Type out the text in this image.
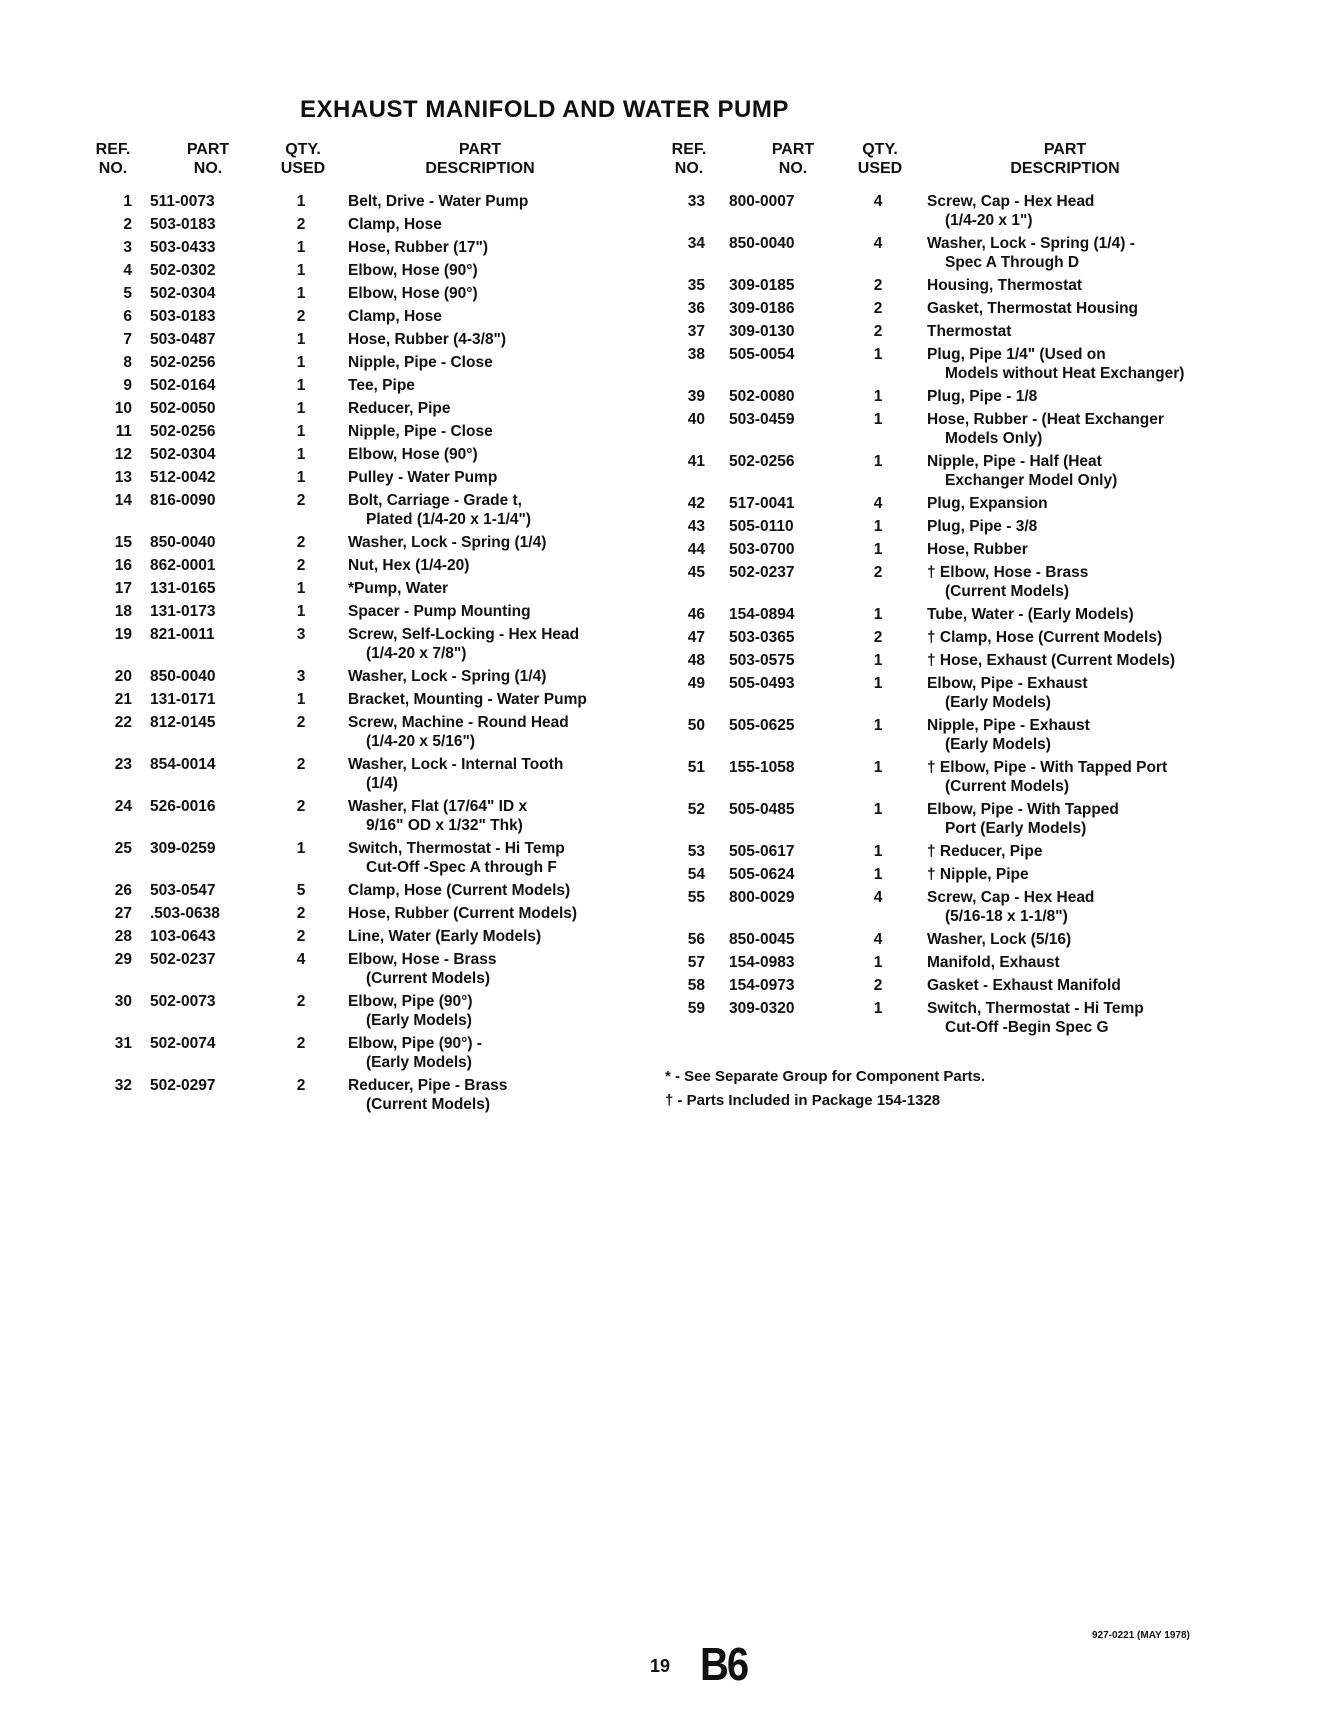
EXHAUST MANIFOLD AND WATER PUMP
REF.
NO.
PART
NO.
QTY.
USED
PART
DESCRIPTION
1 511-0073	1	Belt, Drive - Water Pump
2 503-0183	2	Clamp, Hose
3 503-0433	1	Hose, Rubber (17")
4 502-0302	1	Elbow, Hose (90°)
5 502-0304	1	Elbow, Hose (90°)
6 503-0183	2	Clamp, Hose
7 503-0487	1	Hose, Rubber (4-3/8")
8 502-0256	1	Nipple, Pipe - Close
9 502-0164	1	Tee, Pipe
10 502-0050	1	Reducer, Pipe
11 502-0256	1	Nipple, Pipe - Close
12 502-0304	1	Elbow, Hose (90°)
13 512-0042	1	Pulley - Water Pump
14 816-0090	2	Bolt, Carriage - Grade t,
Plated (1/4-20 x 1-1/4")
15 850-0040	2	Washer, Lock - Spring (1/4)
16 862-0001	2	Nut, Hex (1/4-20)
17 131-0165	1	*Pump, Water
18 131-0173	1	Spacer - Pump Mounting
19 821-0011	3	Screw, Self-Locking - Hex Head
(1/4-20 x 7/8")
20 850-0040	3	Washer, Lock - Spring (1/4)
21 131-0171	1	Bracket, Mounting - Water Pump
22 812-0145	2	Screw, Machine - Round Head
(1/4-20 x 5/16")
23 854-0014	2	Washer, Lock - Internal Tooth
(1/4)
24 526-0016	2	Washer, Flat (17/64" ID x
9/16" OD x 1/32" Thk)
25 309-0259	1	Switch, Thermostat - Hi Temp
Cut-Off -Spec A through F
26 503-0547	5	Clamp, Hose (Current Models)
27 .503-0638	2	Hose, Rubber (Current Models)
28 103-0643	2	Line, Water (Early Models)
29 502-0237	4	Elbow, Hose - Brass
(Current Models)
30 502-0073	2	Elbow, Pipe (90°)
(Early Models)
31 502-0074	2	Elbow, Pipe (90°) -
(Early Models)
32 502-0297	2	Reducer, Pipe - Brass
(Current Models)
REF.
NO.
PART
NO.
QTY.
USED
PART
DESCRIPTION
33 800-0007	4	Screw, Cap - Hex Head
(1/4-20 x 1")
34 850-0040	4	Washer, Lock - Spring (1/4) -
Spec A Through D
35 309-0185	2	Housing, Thermostat
36 309-0186	2	Gasket, Thermostat Housing
37 309-0130	2	Thermostat
38 505-0054	1	Plug, Pipe 1/4" (Used on
Models without Heat Exchanger)
39 502-0080	1	Plug, Pipe - 1/8
40 503-0459	1	Hose, Rubber - (Heat Exchanger
Models Only)
41 502-0256	1	Nipple, Pipe - Half (Heat
Exchanger Model Only)
42 517-0041	4	Plug, Expansion
43 505-0110	1	Plug, Pipe - 3/8
44 503-0700	1	Hose, Rubber
45 502-0237	2	† Elbow, Hose - Brass
(Current Models)
46 154-0894	1	Tube, Water - (Early Models)
47 503-0365	2	† Clamp, Hose (Current Models)
48 503-0575	1	† Hose, Exhaust (Current Models)
49 505-0493	1	Elbow, Pipe - Exhaust
(Early Models)
50 505-0625	1	Nipple, Pipe - Exhaust
(Early Models)
51 155-1058	1	† Elbow, Pipe - With Tapped Port
(Current Models)
52 505-0485	1	Elbow, Pipe - With Tapped
Port (Early Models)
53 505-0617	1	† Reducer, Pipe
54 505-0624	1	† Nipple, Pipe
55 800-0029	4	Screw, Cap - Hex Head
(5/16-18 x 1-1/8")
56 850-0045	4	Washer, Lock (5/16)
57 154-0983	1	Manifold, Exhaust
58 154-0973	2	Gasket - Exhaust Manifold
59 309-0320	1	Switch, Thermostat - Hi Temp
Cut-Off -Begin Spec G
* - See Separate Group for Component Parts.
† - Parts Included in Package 154-1328
927-0221 (MAY 1978)
19 B6
